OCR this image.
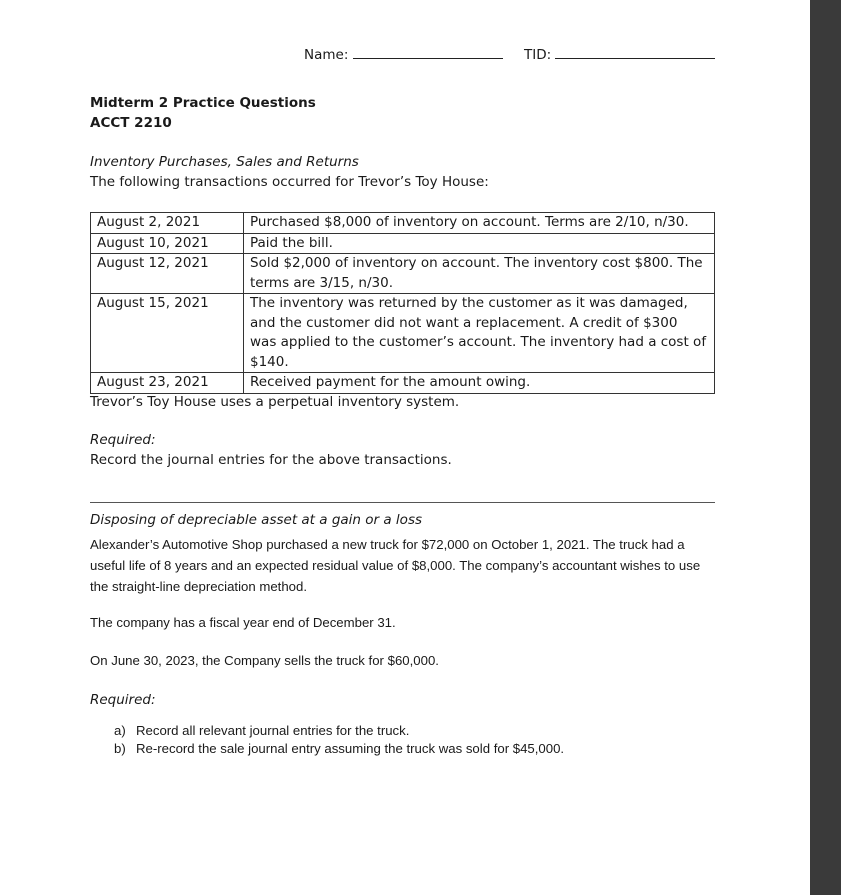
Name:	TID:
Midterm 2 Practice Questions
ACCT 2210
Inventory Purchases, Sales and Returns
The following transactions occurred for Trevor’s Toy House:
August 2, 2021	Purchased $8,000 of inventory on account. Terms are 2/10, n/30.
August 10, 2021	Paid the bill.
August 12, 2021	Sold $2,000 of inventory on account. The inventory cost $800. The terms are 3/15, n/30.
August 15, 2021	The inventory was returned by the customer as it was damaged, and the customer did not want a replacement. A credit of $300 was applied to the customer’s account. The inventory had a cost of $140.
August 23, 2021	Received payment for the amount owing.
Trevor’s Toy House uses a perpetual inventory system.
Required:
Record the journal entries for the above transactions.
Disposing of depreciable asset at a gain or a loss
Alexander’s Automotive Shop purchased a new truck for $72,000 on October 1, 2021. The truck had a useful life of 8 years and an expected residual value of $8,000. The company’s accountant wishes to use the straight-line depreciation method.
The company has a fiscal year end of December 31.
On June 30, 2023, the Company sells the truck for $60,000.
Required:
a) Record all relevant journal entries for the truck.
b) Re-record the sale journal entry assuming the truck was sold for $45,000.
